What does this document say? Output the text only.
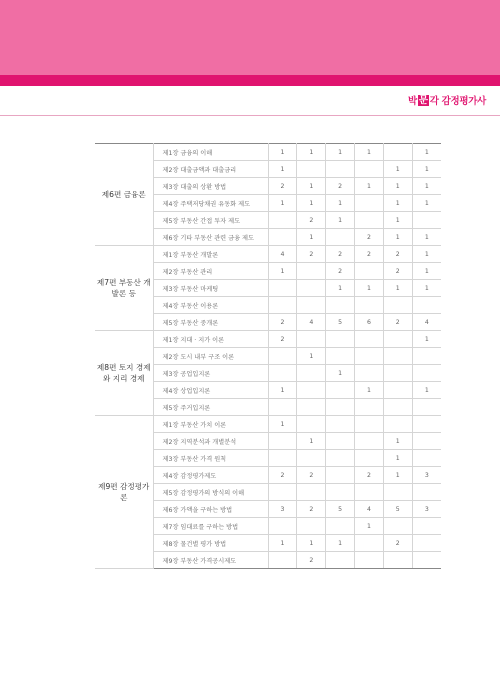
박 문 각 감정평가사
제6편 금융론	제1장 금융의 이해	1	1	1	1		1
	제2장 대출금액과 대출금리	1				1	1
	제3장 대출의 상환 방법	2	1	2	1	1	1
	제4장 주택저당채권 유동화 제도	1	1	1		1	1
	제5장 부동산 간접 투자 제도		2	1		1	
	제6장 기타 부동산 관련 금융 제도		1		2	1	1
제7편 부동산 개발론 등	제1장 부동산 개발론	4	2	2	2	2	1
	제2장 부동산 관리	1		2		2	1
	제3장 부동산 마케팅			1	1	1	1
	제4장 부동산 이용론						
	제5장 부동산 중개론	2	4	5	6	2	4
제8편 토지 경제와 지리 경제	제1장 지대 · 지가 이론	2					1
	제2장 도시 내부 구조 이론		1				
	제3장 공업입지론			1			
	제4장 상업입지론	1			1		1
	제5장 주거입지론						
제9편 감정평가론	제1장 부동산 가치 이론	1					
	제2장 지역분석과 개별분석		1			1	
	제3장 부동산 가격 원칙					1	
	제4장 감정평가제도	2	2		2	1	3
	제5장 감정평가의 방식의 이해						
	제6장 가액을 구하는 방법	3	2	5	4	5	3
	제7장 임대료를 구하는 방법				1		
	제8장 물건별 평가 방법	1	1	1		2	
	제9장 부동산 가격공시제도		2				
